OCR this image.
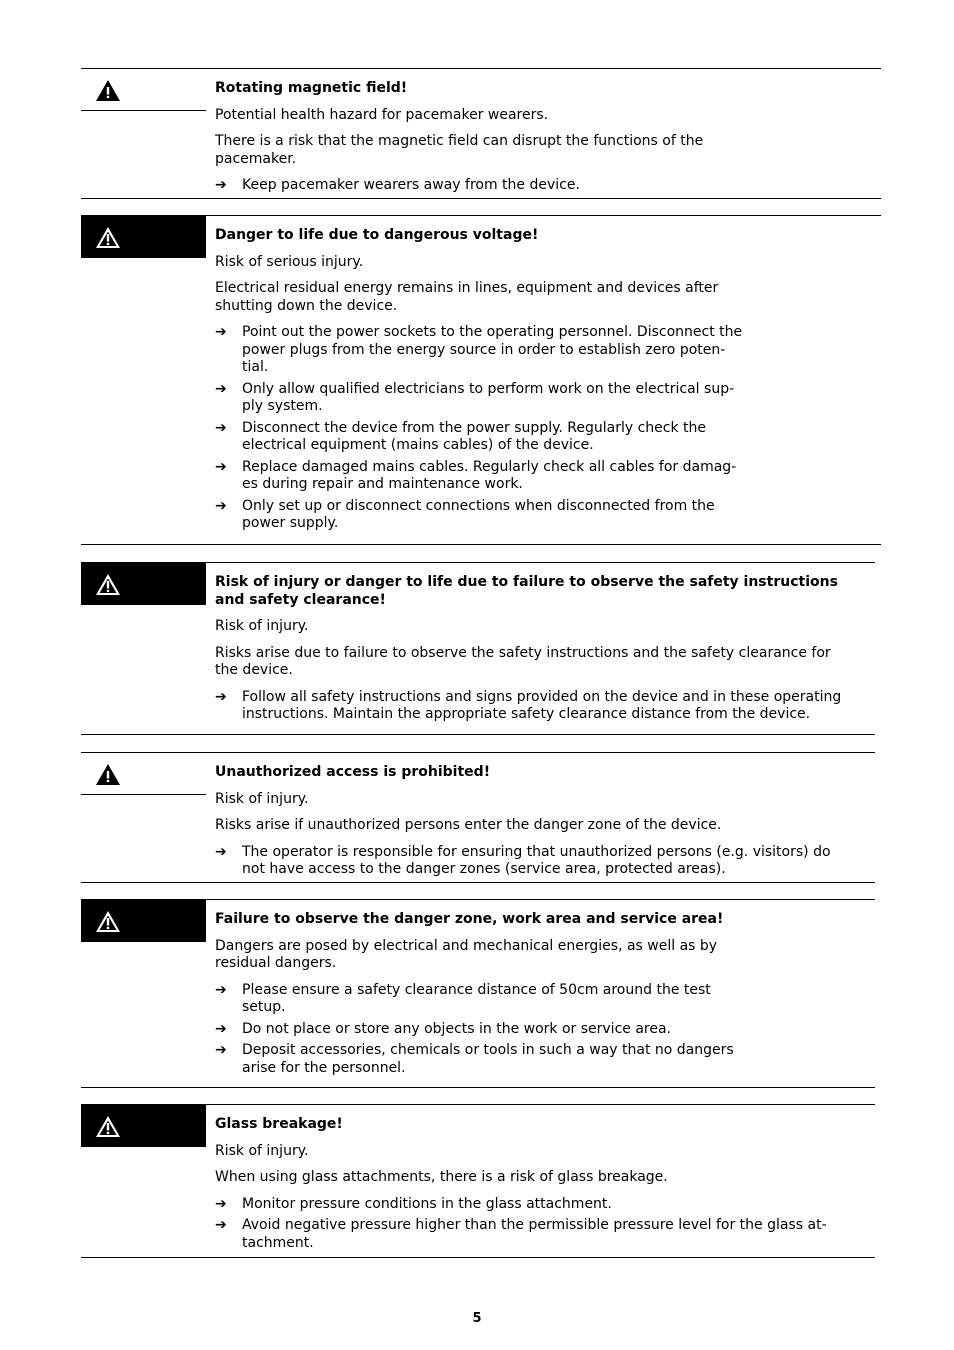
Rotating magnetic field!
Potential health hazard for pacemaker wearers.
There is a risk that the magnetic field can disrupt the functions of the
pacemaker.
➔ Keep pacemaker wearers away from the device.
Danger to life due to dangerous voltage!
Risk of serious injury.
Electrical residual energy remains in lines, equipment and devices after
shutting down the device.
➔ Point out the power sockets to the operating personnel. Disconnect the
power plugs from the energy source in order to establish zero poten-
tial.
➔ Only allow qualified electricians to perform work on the electrical sup-
ply system.
➔ Disconnect the device from the power supply. Regularly check the
electrical equipment (mains cables) of the device.
➔ Replace damaged mains cables. Regularly check all cables for damag-
es during repair and maintenance work.
➔ Only set up or disconnect connections when disconnected from the
power supply.
Risk of injury or danger to life due to failure to observe the safety instructions
and safety clearance!
Risk of injury.
Risks arise due to failure to observe the safety instructions and the safety clearance for
the device.
➔ Follow all safety instructions and signs provided on the device and in these operating
instructions. Maintain the appropriate safety clearance distance from the device.
Unauthorized access is prohibited!
Risk of injury.
Risks arise if unauthorized persons enter the danger zone of the device.
➔ The operator is responsible for ensuring that unauthorized persons (e.g. visitors) do
not have access to the danger zones (service area, protected areas).
Failure to observe the danger zone, work area and service area!
Dangers are posed by electrical and mechanical energies, as well as by
residual dangers.
➔ Please ensure a safety clearance distance of 50cm around the test
setup.
➔ Do not place or store any objects in the work or service area.
➔ Deposit accessories, chemicals or tools in such a way that no dangers
arise for the personnel.
Glass breakage!
Risk of injury.
When using glass attachments, there is a risk of glass breakage.
➔ Monitor pressure conditions in the glass attachment.
➔ Avoid negative pressure higher than the permissible pressure level for the glass at-
tachment.
5
